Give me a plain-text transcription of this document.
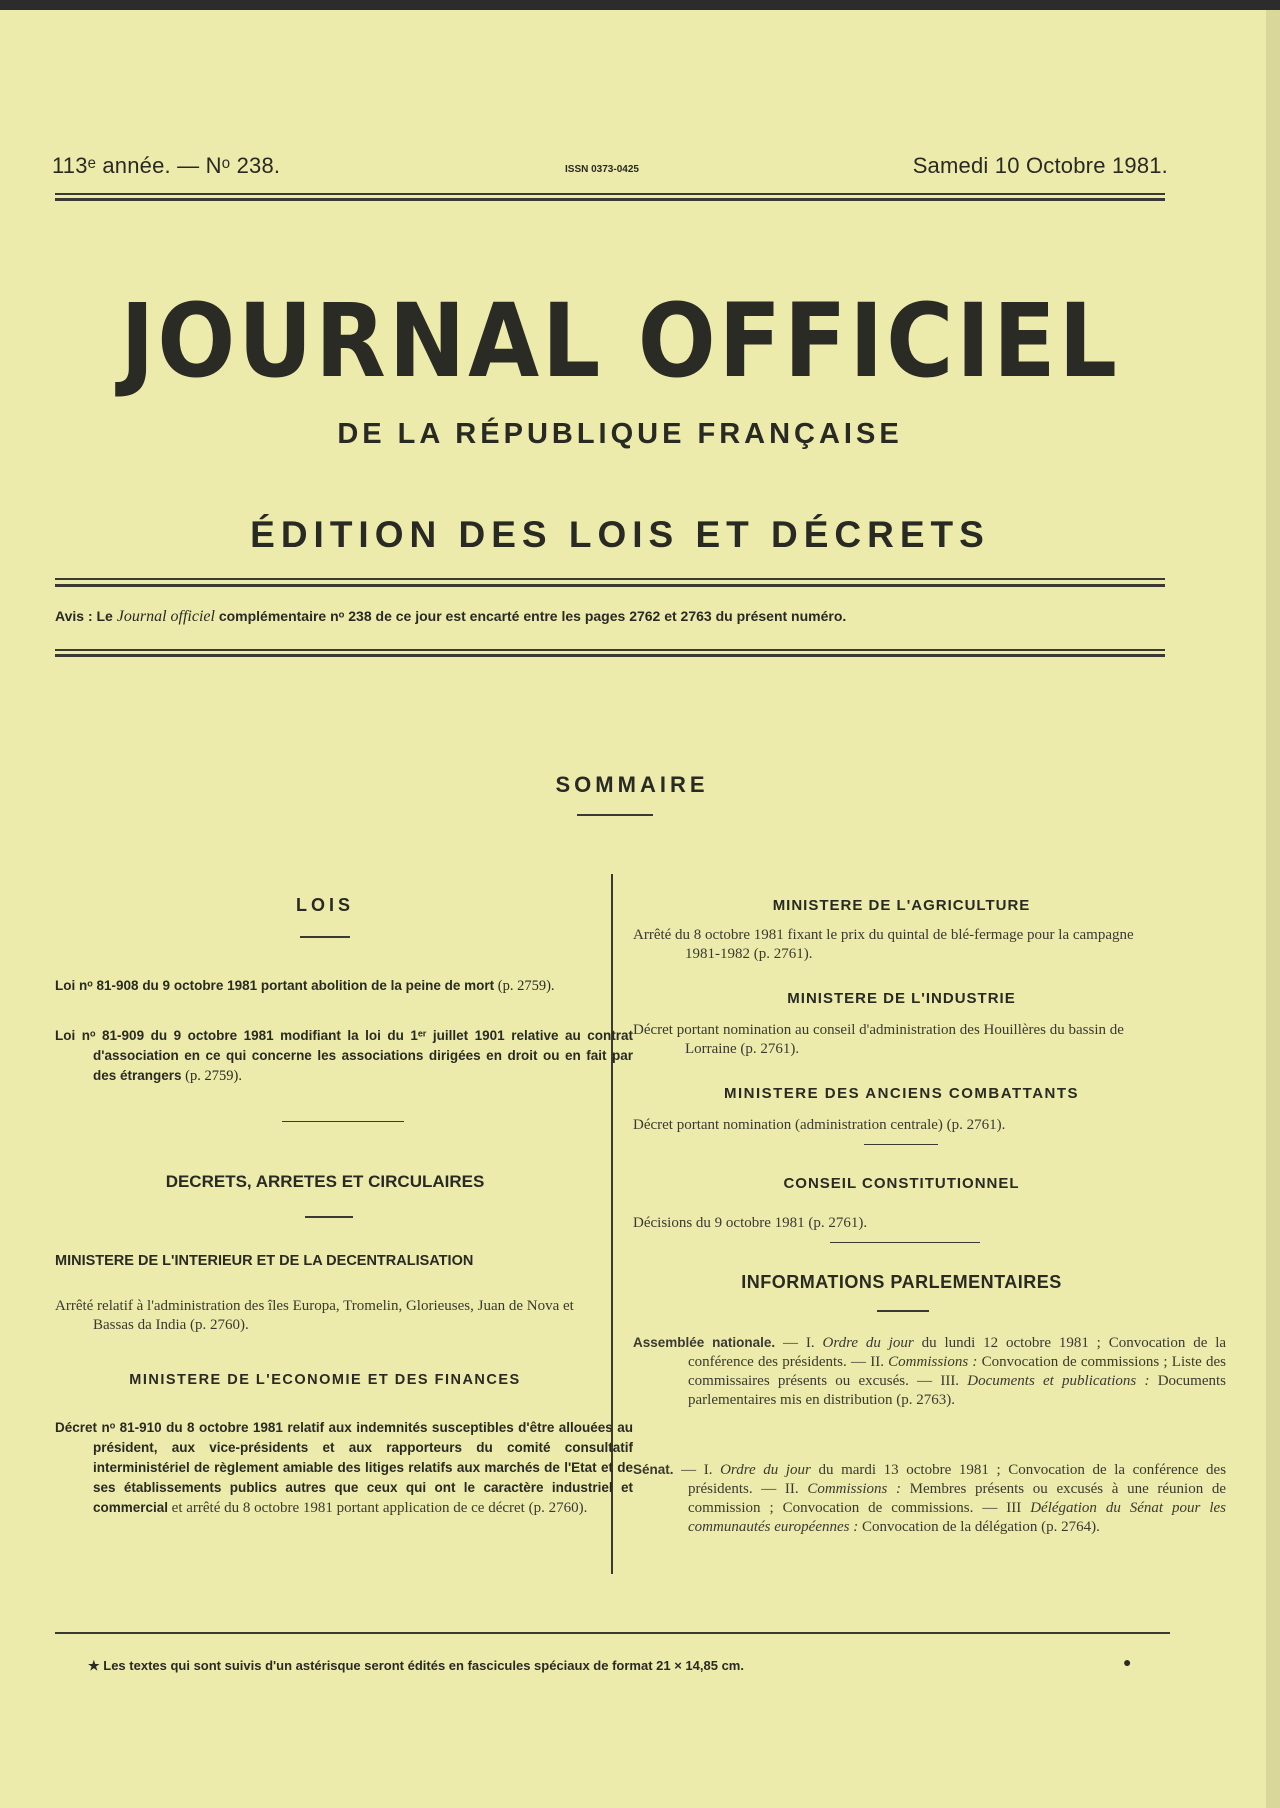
113ᵉ année. — Nᵒ 238.	ISSN 0373-0425	Samedi 10 Octobre 1981.
JOURNAL OFFICIEL
DE LA RÉPUBLIQUE FRANÇAISE
ÉDITION DES LOIS ET DÉCRETS
Avis : Le Journal officiel complémentaire nᵒ 238 de ce jour est encarté entre les pages 2762 et 2763 du présent numéro.
SOMMAIRE
LOIS
Loi nᵒ 81-908 du 9 octobre 1981 portant abolition de la peine de mort (p. 2759).
Loi nᵒ 81-909 du 9 octobre 1981 modifiant la loi du 1ᵉʳ juillet 1901 relative au contrat d'association en ce qui concerne les associations dirigées en droit ou en fait par des étrangers (p. 2759).
DECRETS, ARRETES ET CIRCULAIRES
MINISTERE DE L'INTERIEUR ET DE LA DECENTRALISATION
Arrêté relatif à l'administration des îles Europa, Tromelin, Glorieuses, Juan de Nova et Bassas da India (p. 2760).
MINISTERE DE L'ECONOMIE ET DES FINANCES
Décret nᵒ 81-910 du 8 octobre 1981 relatif aux indemnités susceptibles d'être allouées au président, aux vice-présidents et aux rapporteurs du comité consultatif interministériel de règlement amiable des litiges relatifs aux marchés de l'Etat et de ses établissements publics autres que ceux qui ont le caractère industriel et commercial et arrêté du 8 octobre 1981 portant application de ce décret (p. 2760).
MINISTERE DE L'AGRICULTURE
Arrêté du 8 octobre 1981 fixant le prix du quintal de blé-fermage pour la campagne 1981-1982 (p. 2761).
MINISTERE DE L'INDUSTRIE
Décret portant nomination au conseil d'administration des Houillères du bassin de Lorraine (p. 2761).
MINISTERE DES ANCIENS COMBATTANTS
Décret portant nomination (administration centrale) (p. 2761).
CONSEIL CONSTITUTIONNEL
Décisions du 9 octobre 1981 (p. 2761).
INFORMATIONS PARLEMENTAIRES
Assemblée nationale. — I. Ordre du jour du lundi 12 octobre 1981 ; Convocation de la conférence des présidents. — II. Commissions : Convocation de commissions ; Liste des commissaires présents ou excusés. — III. Documents et publications : Documents parlementaires mis en distribution (p. 2763).
Sénat. — I. Ordre du jour du mardi 13 octobre 1981 ; Convocation de la conférence des présidents. — II. Commissions : Membres présents ou excusés à une réunion de commission ; Convocation de commissions. — III Délégation du Sénat pour les communautés européennes : Convocation de la délégation (p. 2764).
★ Les textes qui sont suivis d'un astérisque seront édités en fascicules spéciaux de format 21 × 14,85 cm.	●
